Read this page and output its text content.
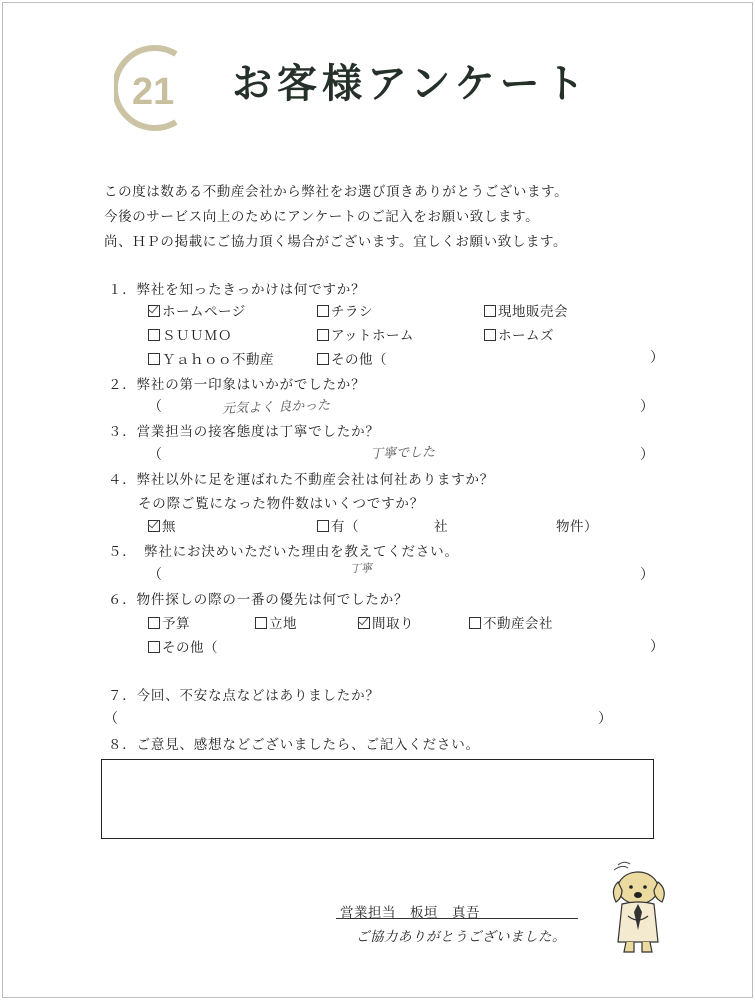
21 お客様アンケート
この度は数ある不動産会社から弊社をお選び頂きありがとうございます。
今後のサービス向上のためにアンケートのご記入をお願い致します。
尚、ＨＰの掲載にご協力頂く場合がございます。宜しくお願い致します。
１．弊社を知ったきっかけは何ですか？
ホームページ	チラシ	現地販売会
ＳＵＵＭＯ	アットホーム	ホームズ
Ｙａｈｏｏ不動産	その他（	）
２．弊社の第一印象はいかがでしたか？
（	元気よく 良かった	）
３．営業担当の接客態度は丁寧でしたか？
（	丁寧でした	）
４．弊社以外に足を運ばれた不動産会社は何社ありますか？
その際ご覧になった物件数はいくつですか？
無	有（	社	物件）
５．　弊社にお決めいただいた理由を教えてください。
（	丁寧	）
６．物件探しの際の一番の優先は何でしたか？
予算	立地	間取り	不動産会社
その他（	）
７．今回、不安な点などはありましたか？
（	）
８．ご意見、感想などございましたら、ご記入ください。
営業担当　 板垣　真吾
ご協力ありがとうございました。
